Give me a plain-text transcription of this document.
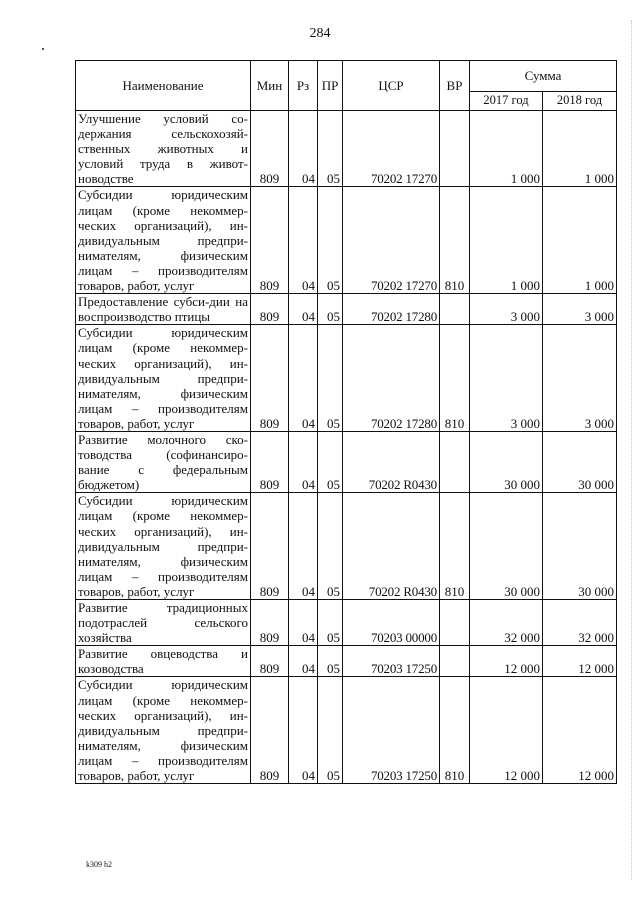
284
Наименование	Мин	Рз	ПР	ЦСР	ВР	Сумма	
						2017 год	2018 год
Улучшение условий со-держания сельскохозяй-ственных животных и условий труда в живот-новодстве	809	04	05	70202 17270		1 000	1 000
Субсидии юридическим лицам (кроме некоммер-ческих организаций), ин-дивидуальным предпри-нимателям, физическим лицам – производителям товаров, работ, услуг	809	04	05	70202 17270	810	1 000	1 000
Предоставление субси-дии на воспроизводство птицы	809	04	05	70202 17280		3 000	3 000
Субсидии юридическим лицам (кроме некоммер-ческих организаций), ин-дивидуальным предпри-нимателям, физическим лицам – производителям товаров, работ, услуг	809	04	05	70202 17280	810	3 000	3 000
Развитие молочного ско-товодства (софинансиро-вание с федеральным бюджетом)	809	04	05	70202 R0430		30 000	30 000
Субсидии юридическим лицам (кроме некоммер-ческих организаций), ин-дивидуальным предпри-нимателям, физическим лицам – производителям товаров, работ, услуг	809	04	05	70202 R0430	810	30 000	30 000
Развитие традиционных подотраслей сельского хозяйства	809	04	05	70203 00000		32 000	32 000
Развитие овцеводства и козоводства	809	04	05	70203 17250		12 000	12 000
Субсидии юридическим лицам (кроме некоммер-ческих организаций), ин-дивидуальным предпри-нимателям, физическим лицам – производителям товаров, работ, услуг	809	04	05	70203 17250	810	12 000	12 000
k309 h2
